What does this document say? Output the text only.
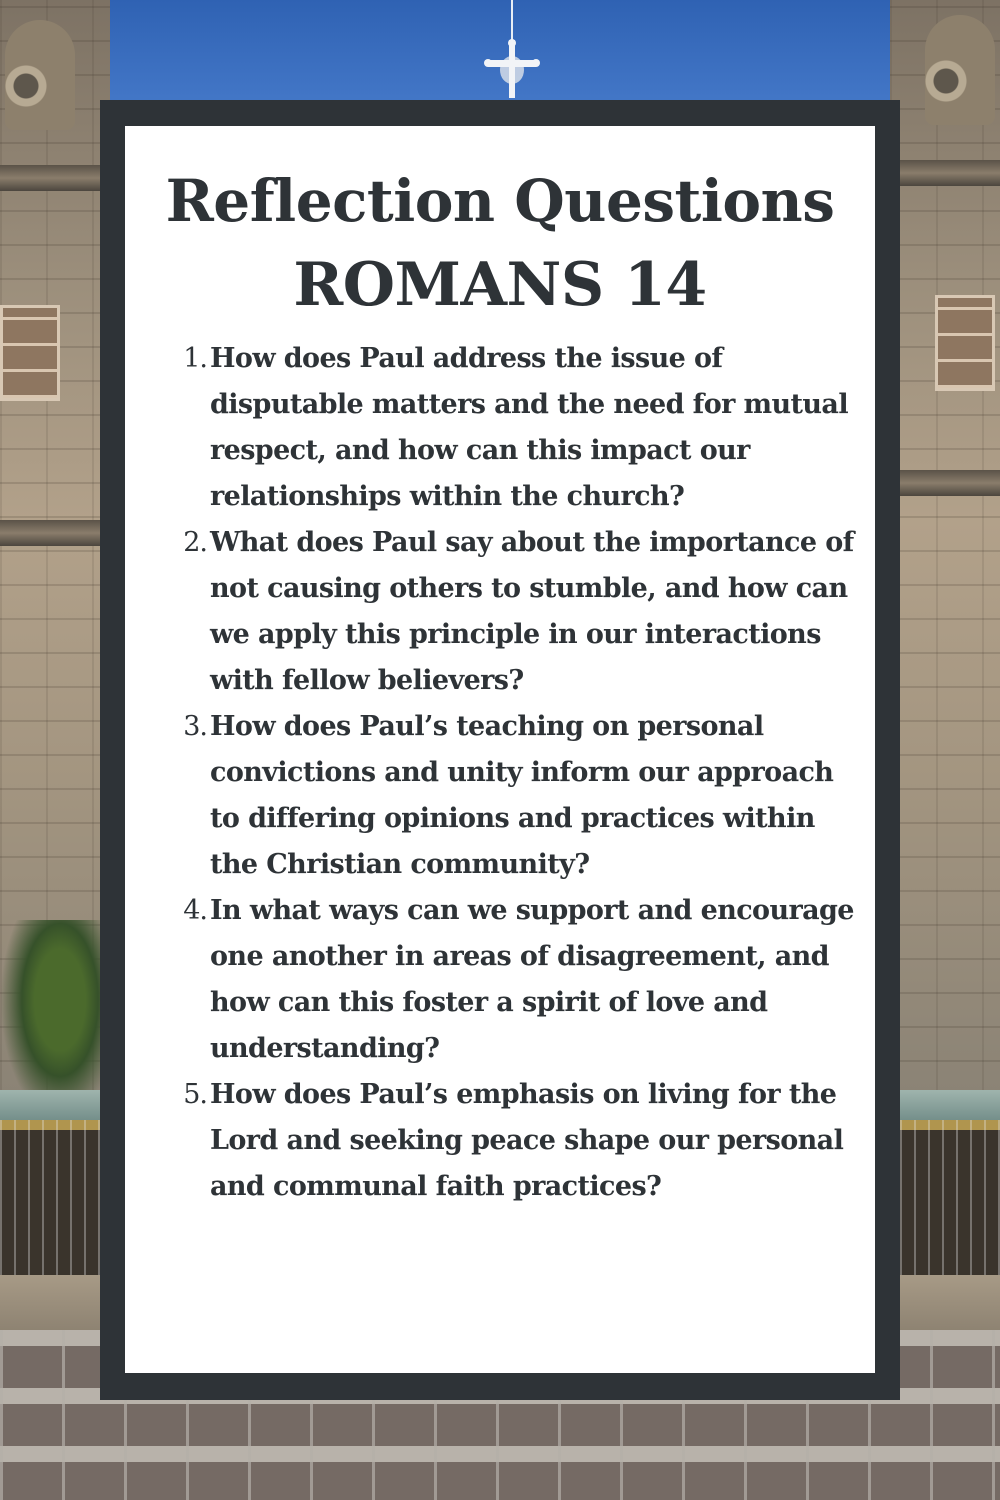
Reflection Questions
ROMANS 14
1. How does Paul address the issue of disputable matters and the need for mutual respect, and how can this impact our relationships within the church?
2. What does Paul say about the importance of not causing others to stumble, and how can we apply this principle in our interactions with fellow believers?
3. How does Paul’s teaching on personal convictions and unity inform our approach to differing opinions and practices within the Christian community?
4. In what ways can we support and encourage one another in areas of disagreement, and how can this foster a spirit of love and understanding?
5. How does Paul’s emphasis on living for the Lord and seeking peace shape our personal and communal faith practices?
